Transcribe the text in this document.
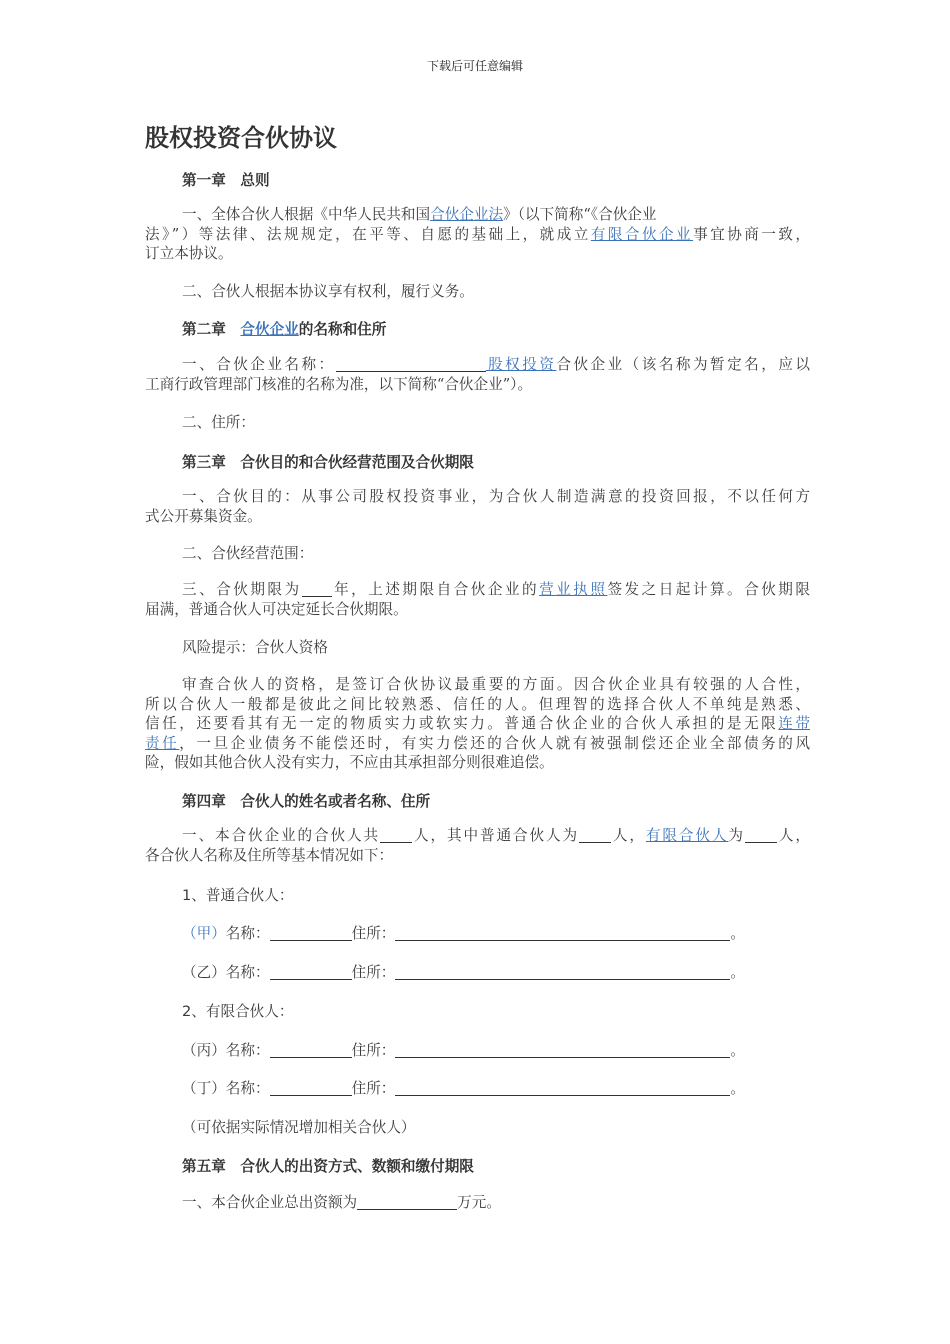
下载后可任意编辑
股权投资合伙协议
第一章　总则
一、全体合伙人根据《中华人民共和国合伙企业法》（以下简称“《合伙企业
法》”）等法律、法规规定，在平等、自愿的基础上，就成立有限合伙企业事宜协商一致，
订立本协议。
二、合伙人根据本协议享有权利，履行义务。
第二章　合伙企业的名称和住所
一、合伙企业名称：	股权投资合伙企业（该名称为暂定名，应以
工商行政管理部门核准的名称为准，以下简称“合伙企业”）。
二、住所：
第三章　合伙目的和合伙经营范围及合伙期限
一、合伙目的：从事公司股权投资事业，为合伙人制造满意的投资回报，不以任何方
式公开募集资金。
二、合伙经营范围：
三、合伙期限为 年，上述期限自合伙企业的营业执照签发之日起计算。合伙期限
届满，普通合伙人可决定延长合伙期限。
风险提示：合伙人资格
审查合伙人的资格，是签订合伙协议最重要的方面。因合伙企业具有较强的人合性，
所以合伙人一般都是彼此之间比较熟悉、信任的人。但理智的选择合伙人不单纯是熟悉、
信任，还要看其有无一定的物质实力或软实力。普通合伙企业的合伙人承担的是无限连带
责任，一旦企业债务不能偿还时，有实力偿还的合伙人就有被强制偿还企业全部债务的风
险，假如其他合伙人没有实力，不应由其承担部分则很难追偿。
第四章　合伙人的姓名或者名称、住所
一、本合伙企业的合伙人共 人，其中普通合伙人为 人，有限合伙人为 人，
各合伙人名称及住所等基本情况如下：
1、普通合伙人：
（甲）名称：	住所：	。
（乙）名称：	住所：	。
2、有限合伙人：
（丙）名称：	住所：	。
（丁）名称：	住所：	。
（可依据实际情况增加相关合伙人）
第五章　合伙人的出资方式、数额和缴付期限
一、本合伙企业总出资额为	万元。
